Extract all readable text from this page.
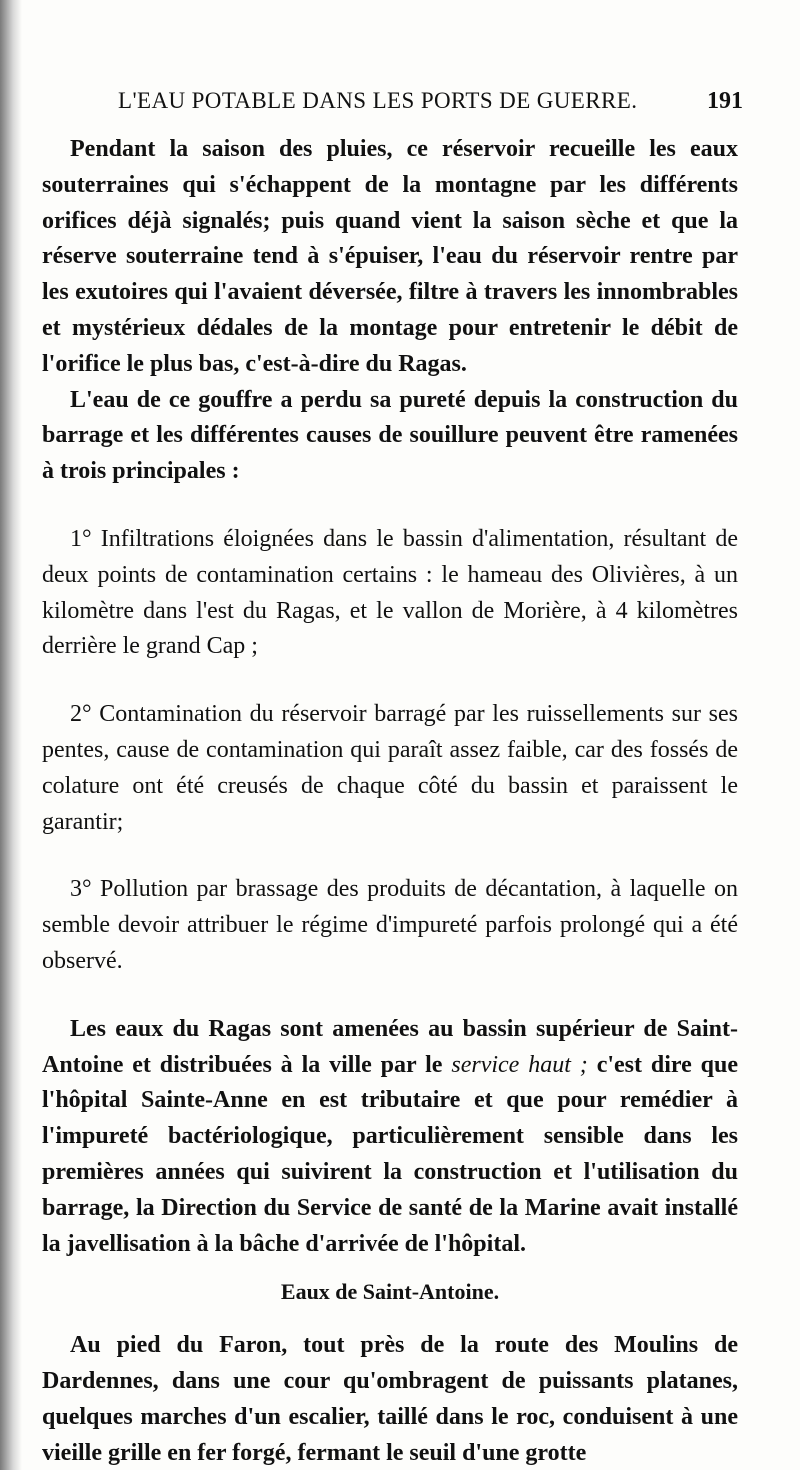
L'EAU POTABLE DANS LES PORTS DE GUERRE.	191

Pendant la saison des pluies, ce réservoir recueille les eaux souterraines qui s'échappent de la montagne par les différents orifices déjà signalés; puis quand vient la saison sèche et que la réserve souterraine tend à s'épuiser, l'eau du réservoir rentre par les exutoires qui l'avaient déversée, filtre à travers les innombrables et mystérieux dédales de la montage pour entretenir le débit de l'orifice le plus bas, c'est-à-dire du Ragas.

L'eau de ce gouffre a perdu sa pureté depuis la construction du barrage et les différentes causes de souillure peuvent être ramenées à trois principales :

1° Infiltrations éloignées dans le bassin d'alimentation, résultant de deux points de contamination certains : le hameau des Olivières, à un kilomètre dans l'est du Ragas, et le vallon de Morière, à 4 kilomètres derrière le grand Cap ;

2° Contamination du réservoir barragé par les ruissellements sur ses pentes, cause de contamination qui paraît assez faible, car des fossés de colature ont été creusés de chaque côté du bassin et paraissent le garantir;

3° Pollution par brassage des produits de décantation, à laquelle on semble devoir attribuer le régime d'impureté parfois prolongé qui a été observé.

Les eaux du Ragas sont amenées au bassin supérieur de Saint-Antoine et distribuées à la ville par le service haut ; c'est dire que l'hôpital Sainte-Anne en est tributaire et que pour remédier à l'impureté bactériologique, particulièrement sensible dans les premières années qui suivirent la construction et l'utilisation du barrage, la Direction du Service de santé de la Marine avait installé la javellisation à la bâche d'arrivée de l'hôpital.

Eaux de Saint-Antoine.

Au pied du Faron, tout près de la route des Moulins de Dardennes, dans une cour qu'ombragent de puissants platanes, quelques marches d'un escalier, taillé dans le roc, conduisent à une vieille grille en fer forgé, fermant le seuil d'une grotte
